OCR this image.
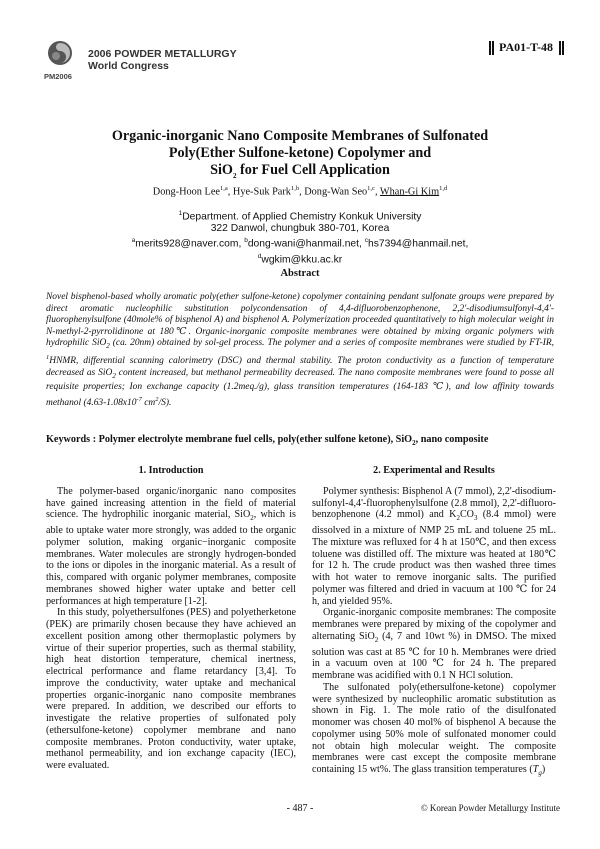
2006 POWDER METALLURGY
World Congress
PM2006
PA01-T-48
Organic-inorganic Nano Composite Membranes of Sulfonated
Poly(Ether Sulfone-ketone) Copolymer and
SiO$_2$ for Fuel Cell Application
Dong-Hoon Lee$^{1,a}$, Hye-Suk Park$^{1,b}$, Dong-Wan Seo$^{1,c}$, Whan-Gi Kim$^{1,d}$
$^1$Department. of Applied Chemistry Konkuk University
322 Danwol, chungbuk 380-701, Korea
$^a$merits928@naver.com, $^b$dong-wani@hanmail.net, $^c$hs7394@hanmail.net,
$^d$wgkim@kku.ac.kr
Abstract
Novel bisphenol-based wholly aromatic poly(ether sulfone-ketone) copolymer containing pendant sulfonate groups were prepared by direct aromatic nucleophilic substitution polycondensation of 4,4-difluorobenzophenone, 2,2'-disodiumsulfonyl-4,4'-fluorophenylsulfone (40mole% of bisphenol A) and bisphenol A. Polymerization proceeded quantitatively to high molecular weight in N-methyl-2-pyrrolidinone at 180℃. Organic-inorganic composite membranes were obtained by mixing organic polymers with hydrophilic SiO$_2$ (ca. 20nm) obtained by sol-gel process. The polymer and a series of composite membranes were studied by FT-IR, $^1$HNMR, differential scanning calorimetry (DSC) and thermal stability. The proton conductivity as a function of temperature decreased as SiO$_2$ content increased, but methanol permeability decreased. The nano composite membranes were found to posse all requisite properties; Ion exchange capacity (1.2meq./g), glass transition temperatures (164-183 ℃), and low affinity towards methanol ($4.63-1.08x10^{-7}$ $cm^2/S$).
Keywords : Polymer electrolyte membrane fuel cells, poly(ether sulfone ketone), SiO$_2$, nano composite
1. Introduction

The polymer-based organic/inorganic nano composites have gained increasing attention in the field of material science. The hydrophilic inorganic material, SiO$_2$, which is able to uptake water more strongly, was added to the organic polymer solution, making organic−inorganic composite membranes. Water molecules are strongly hydrogen-bonded to the ions or dipoles in the inorganic material. As a result of this, compared with organic polymer membranes, composite membranes showed higher water uptake and better cell performances at high temperature [1-2].

In this study, polyethersulfones (PES) and polyetherketone (PEK) are primarily chosen because they have achieved an excellent position among other thermoplastic polymers by virtue of their superior properties, such as thermal stability, high heat distortion temperature, chemical inertness, electrical performance and flame retardancy [3,4]. To improve the conductivity, water uptake and mechanical properties organic-inorganic nano composite membranes were prepared. In addition, we described our efforts to investigate the relative properties of sulfonated poly (ethersulfone-ketone) copolymer membrane and nano composite membranes. Proton conductivity, water uptake, methanol permeability, and ion exchange capacity (IEC), were evaluated.

2. Experimental and Results

Polymer synthesis: Bisphenol A (7 mmol), 2,2'-disodium-sulfonyl-4,4'-fluorophenylsulfone (2.8 mmol), 2,2'-difluoro-benzophenone (4.2 mmol) and $K_2CO_3$ (8.4 mmol) were dissolved in a mixture of NMP 25 mL and toluene 25 mL. The mixture was refluxed for 4 h at 150℃, and then excess toluene was distilled off. The mixture was heated at 180℃ for 12 h. The crude product was then washed three times with hot water to remove inorganic salts. The purified polymer was filtered and dried in vacuum at 100 ℃ for 24 h, and yielded 95%.

Organic-inorganic composite membranes: The composite membranes were prepared by mixing of the copolymer and alternating SiO$_2$ (4, 7 and 10wt %) in DMSO. The mixed solution was cast at 85 ℃ for 10 h. Membranes were dried in a vacuum oven at 100 ℃ for 24 h. The prepared membrane was acidified with 0.1 N HCl solution.

The sulfonated poly(ethersulfone-ketone) copolymer were synthesized by nucleophilic aromatic substitution as shown in Fig. 1. The mole ratio of the disulfonated monomer was chosen 40 mol% of bisphenol A because the copolymer using 50% mole of sulfonated monomer could not obtain high molecular weight. The composite membranes were cast except the composite membrane containing 15 wt%. The glass transition temperatures $(T_g)$

- 487 -	© Korean Powder Metallurgy Institute
